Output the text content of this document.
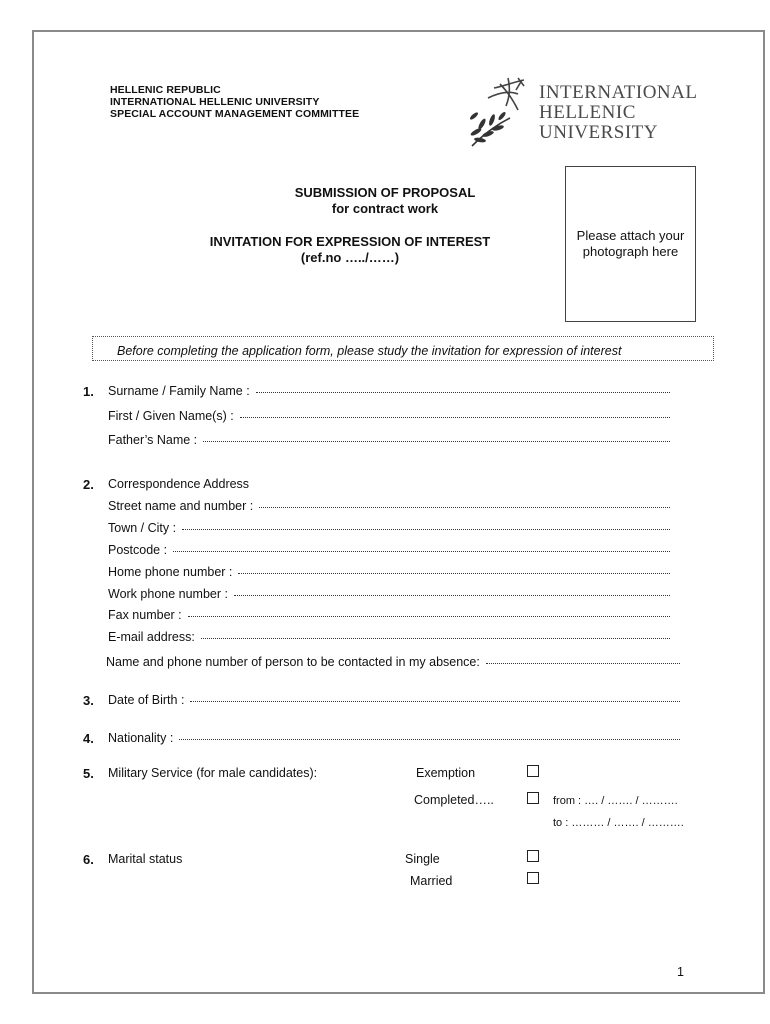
HELLENIC REPUBLIC
INTERNATIONAL HELLENIC UNIVERSITY
SPECIAL ACCOUNT MANAGEMENT COMMITTEE
INTERNATIONAL
HELLENIC
UNIVERSITY
SUBMISSION OF PROPOSAL
for contract work
INVITATION FOR EXPRESSION OF INTEREST
(ref.no …../……)
Please attach your photograph here
Before completing the application form, please study the invitation for expression of interest
1. Surname / Family Name :
First / Given Name(s) :
Father’s Name :
2. Correspondence Address
Street name and number :
Town / City :
Postcode :
Home phone number :
Work phone number :
Fax number :
E-mail address:
Name and phone number of person to be contacted in my absence:
3. Date of Birth :
4. Nationality :
5. Military Service (for male candidates):	Exemption
Completed…..	from : …. / ……. / ……….
to : ……… / ……. / ……….
6. Marital status	Single
Married
1
